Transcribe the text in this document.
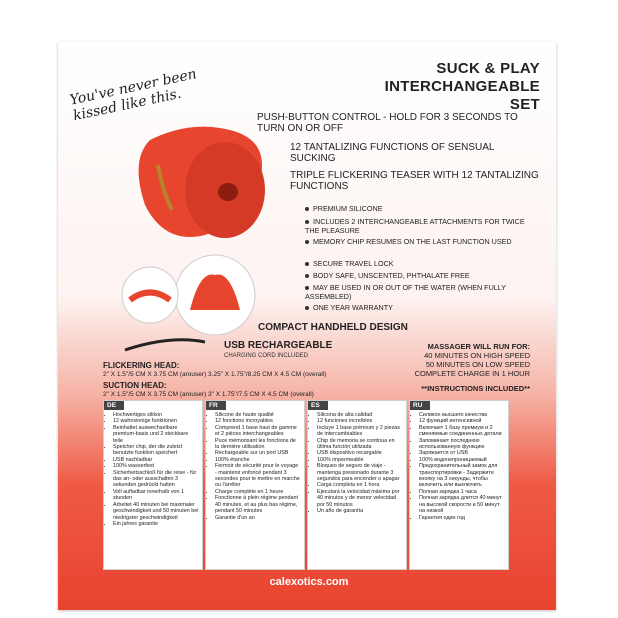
You've never been kissed like this.
SUCK & PLAY
INTERCHANGEABLE SET
PUSH-BUTTON CONTROL - HOLD FOR 3 SECONDS TO TURN ON OR OFF
12 TANTALIZING FUNCTIONS OF SENSUAL SUCKING
TRIPLE FLICKERING TEASER WITH 12 TANTALIZING FUNCTIONS
PREMIUM SILICONE
INCLUDES 2 INTERCHANGEABLE ATTACHMENTS FOR TWICE THE PLEASURE
MEMORY CHIP RESUMES ON THE LAST FUNCTION USED
SECURE TRAVEL LOCK
BODY SAFE, UNSCENTED, PHTHALATE FREE
MAY BE USED IN OR OUT OF THE WATER (WHEN FULLY ASSEMBLED)
ONE YEAR WARRANTY
COMPACT HANDHELD DESIGN
USB RECHARGEABLE
CHARGING CORD INCLUDED
MASSAGER WILL RUN FOR:
40 MINUTES ON HIGH SPEED
50 MINUTES ON LOW SPEED
COMPLETE CHARGE IN 1 HOUR
**INSTRUCTIONS INCLUDED**
FLICKERING HEAD:
2" X 1.5"/5 CM X 3.75 CM (arouser) 3.25" X 1.75"/8.25 CM X 4.5 CM (overall)
SUCTION HEAD:
2" X 1.5"/5 CM X 3.75 CM (arouser) 3" X 1.75"/7.5 CM X 4.5 CM (overall)
DE
• Hochwertiges silikon
• 12 wahnsinnige funktionen
• Beinhaltet auswechselbare premium-basis und 2 steckbare teile
• Speicher chip, der die zuletzt benutzte funktion speichert
• USB nachladbar
• 100% wasserfest
• Sicherheitsschloß für die reise - für das an- oder ausschalten 3 sekunden gedrückt halten
• Voll aufladbar innerhalb von 1 stunden
• Arbeitet 40 minuten bei maximaler geschwindigkeit und 50 minuten bei niedrigster geschwindigkeit
• Ein jahres garantie
FR
• Silicone de haute qualité
• 12 fonctions incroyables
• Comprend 1 base haut de gamme et 2 pièces interchangeables
• Puce mémorisant les fonctions de la dernière utilisation
• Rechargeable sur un port USB
• 100% étanche
• Fermoir de sécurité pour le voyage - maintenir enfoncé pendant 3 secondes pour le mettre en marche ou l'arrêter
• Charge complète en 1 heure
• Fonctionne à plein régime pendant 40 minutes, et au plus bas régime, pendant 50 minutes
• Garantie d'un an
ES
• Silicona de alta calidad
• 12 funciones increíbles
• Incluye 1 base prémium y 2 piezas de intercambiables
• Chip de memoria se continua en última función utilizada
• USB dispositivo recargable
• 100% impermeable
• Bloqueo de seguro de viaje - mantenga presionado durante 3 segundos para encender o apagar
• Carga completa en 1 hora
• Ejecutará la velocidad máxima por 40 minutos y de menor velocidad por 50 minutos
• Un año de garantía
RU
• Силикон высшего качества
• 12 функций интенсивной
• Включает 1 базу премиум и 2 сменяемые соединенных детали
• Запоминает последнюю использованную функцию
• Заряжается от USB
• 100% водонепроницаемый
• Предохранительный замок для транспортировки - Задержите кнопку на 3 секунды, чтобы включить или выключить
• Полная зарядка 1 часа
• Полная зарядка длится 40 минут на высокой скорости и 50 минут на низкой
• Гарантия один год
calexotics.com
